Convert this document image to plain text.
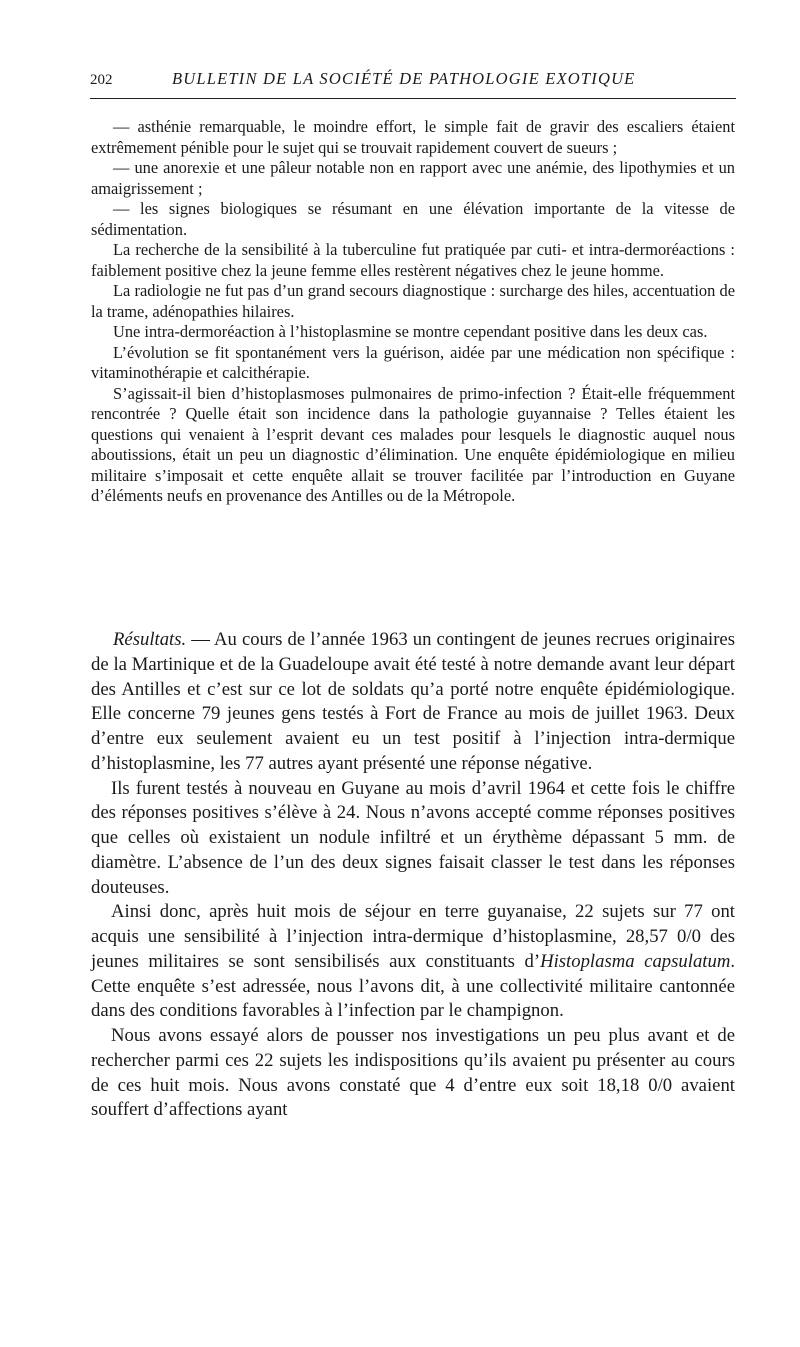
202	BULLETIN DE LA SOCIÉTÉ DE PATHOLOGIE EXOTIQUE

— asthénie remarquable, le moindre effort, le simple fait de gravir des escaliers étaient extrêmement pénible pour le sujet qui se trouvait rapidement couvert de sueurs ;

— une anorexie et une pâleur notable non en rapport avec une anémie, des lipothymies et un amaigrissement ;

— les signes biologiques se résumant en une élévation importante de la vitesse de sédimentation.

La recherche de la sensibilité à la tuberculine fut pratiquée par cuti- et intra-dermoréactions : faiblement positive chez la jeune femme elles restèrent négatives chez le jeune homme.

La radiologie ne fut pas d’un grand secours diagnostique : surcharge des hiles, accentuation de la trame, adénopathies hilaires.

Une intra-dermoréaction à l’histoplasmine se montre cependant positive dans les deux cas.

L’évolution se fit spontanément vers la guérison, aidée par une médication non spécifique : vitaminothérapie et calcithérapie.

S’agissait-il bien d’histoplasmoses pulmonaires de primo-infection ? Était-elle fréquemment rencontrée ? Quelle était son incidence dans la pathologie guyannaise ? Telles étaient les questions qui venaient à l’esprit devant ces malades pour lesquels le diagnostic auquel nous aboutissions, était un peu un diagnostic d’élimination. Une enquête épidémiologique en milieu militaire s’imposait et cette enquête allait se trouver facilitée par l’introduction en Guyane d’éléments neufs en provenance des Antilles ou de la Métropole.

Résultats. — Au cours de l’année 1963 un contingent de jeunes recrues originaires de la Martinique et de la Guadeloupe avait été testé à notre demande avant leur départ des Antilles et c’est sur ce lot de soldats qu’a porté notre enquête épidémiologique. Elle concerne 79 jeunes gens testés à Fort de France au mois de juillet 1963. Deux d’entre eux seulement avaient eu un test positif à l’injection intra-dermique d’histoplasmine, les 77 autres ayant présenté une réponse négative.

Ils furent testés à nouveau en Guyane au mois d’avril 1964 et cette fois le chiffre des réponses positives s’élève à 24. Nous n’avons accepté comme réponses positives que celles où existaient un nodule infiltré et un érythème dépassant 5 mm. de diamètre. L’absence de l’un des deux signes faisait classer le test dans les réponses douteuses.

Ainsi donc, après huit mois de séjour en terre guyanaise, 22 sujets sur 77 ont acquis une sensibilité à l’injection intra-dermique d’histoplasmine, 28,57 0/0 des jeunes militaires se sont sensibilisés aux constituants d’Histoplasma capsulatum. Cette enquête s’est adressée, nous l’avons dit, à une collectivité militaire cantonnée dans des conditions favorables à l’infection par le champignon.

Nous avons essayé alors de pousser nos investigations un peu plus avant et de rechercher parmi ces 22 sujets les indispositions qu’ils avaient pu présenter au cours de ces huit mois. Nous avons constaté que 4 d’entre eux soit 18,18 0/0 avaient souffert d’affections ayant
